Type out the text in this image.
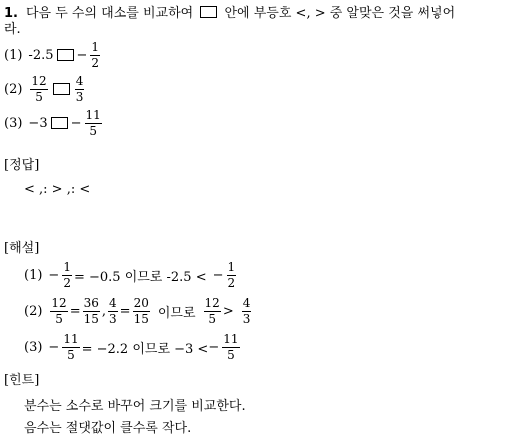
1. 다음 두 수의 대소를 비교하여 안에 부등호 <, > 중 알맞은 것을 써넣어
라.
(1) $-2.5 - \frac{1}{2}$
$(2) \frac{12}{5} \frac{4}{3}$
$(3) -3 - \frac{11}{5}$
[정답]
< ,: > ,: <
[해설]
$(1) - \frac{1}{2} = -0.5$ 이므로 -2.5 < − $\frac{1}{2}$
$(2) \frac{12}{5} = \frac{36}{15}$ , $\frac{4}{3} = \frac{20}{15}$ 이므로 $\frac{12}{5} > \frac{4}{3}$
$(3) - \frac{11}{5} = -2.2$ 이므로 −3 < − $\frac{11}{5}$
[힌트]
분수는 소수로 바꾸어 크기를 비교한다.
음수는 절댓값이 클수록 작다.
